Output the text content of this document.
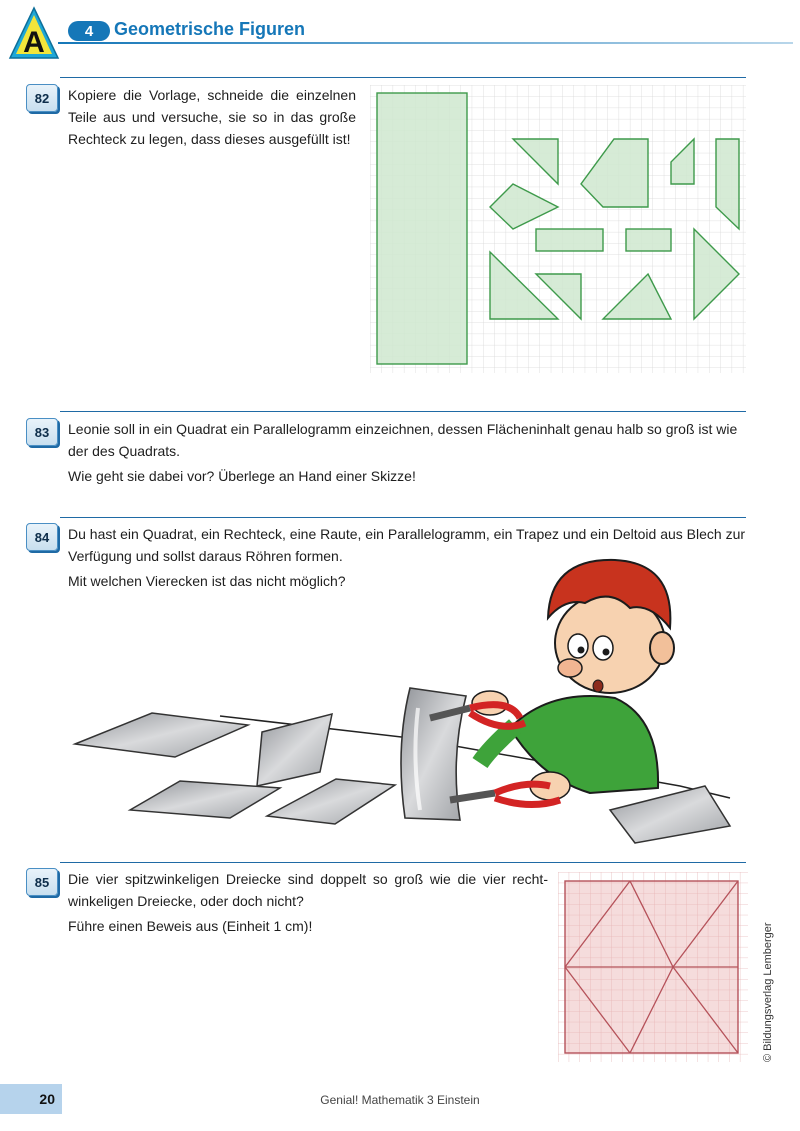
A	4	Geometrische Figuren
82	Kopiere die Vorlage, schneide die einzelnen Teile aus und versuche, sie so in das große Rechteck zu legen, dass dieses ausgefüllt ist!

83	Leonie soll in ein Quadrat ein Parallelogramm einzeichnen, dessen Flächeninhalt genau halb so groß ist wie der des Quadrats.

Wie geht sie dabei vor? Überlege an Hand einer Skizze!

84	Du hast ein Quadrat, ein Rechteck, eine Raute, ein Parallelogramm, ein Trapez und ein Deltoid aus Blech zur Verfügung und sollst daraus Röhren formen.

Mit welchen Vierecken ist das nicht möglich?

85	Die vier spitzwinkeligen Dreiecke sind doppelt so groß wie die vier recht-winkeligen Dreiecke, oder doch nicht?

Führe einen Beweis aus (Einheit 1 cm)!

20	Genial! Mathematik 3 Einstein
© Bildungsverlag Lemberger
